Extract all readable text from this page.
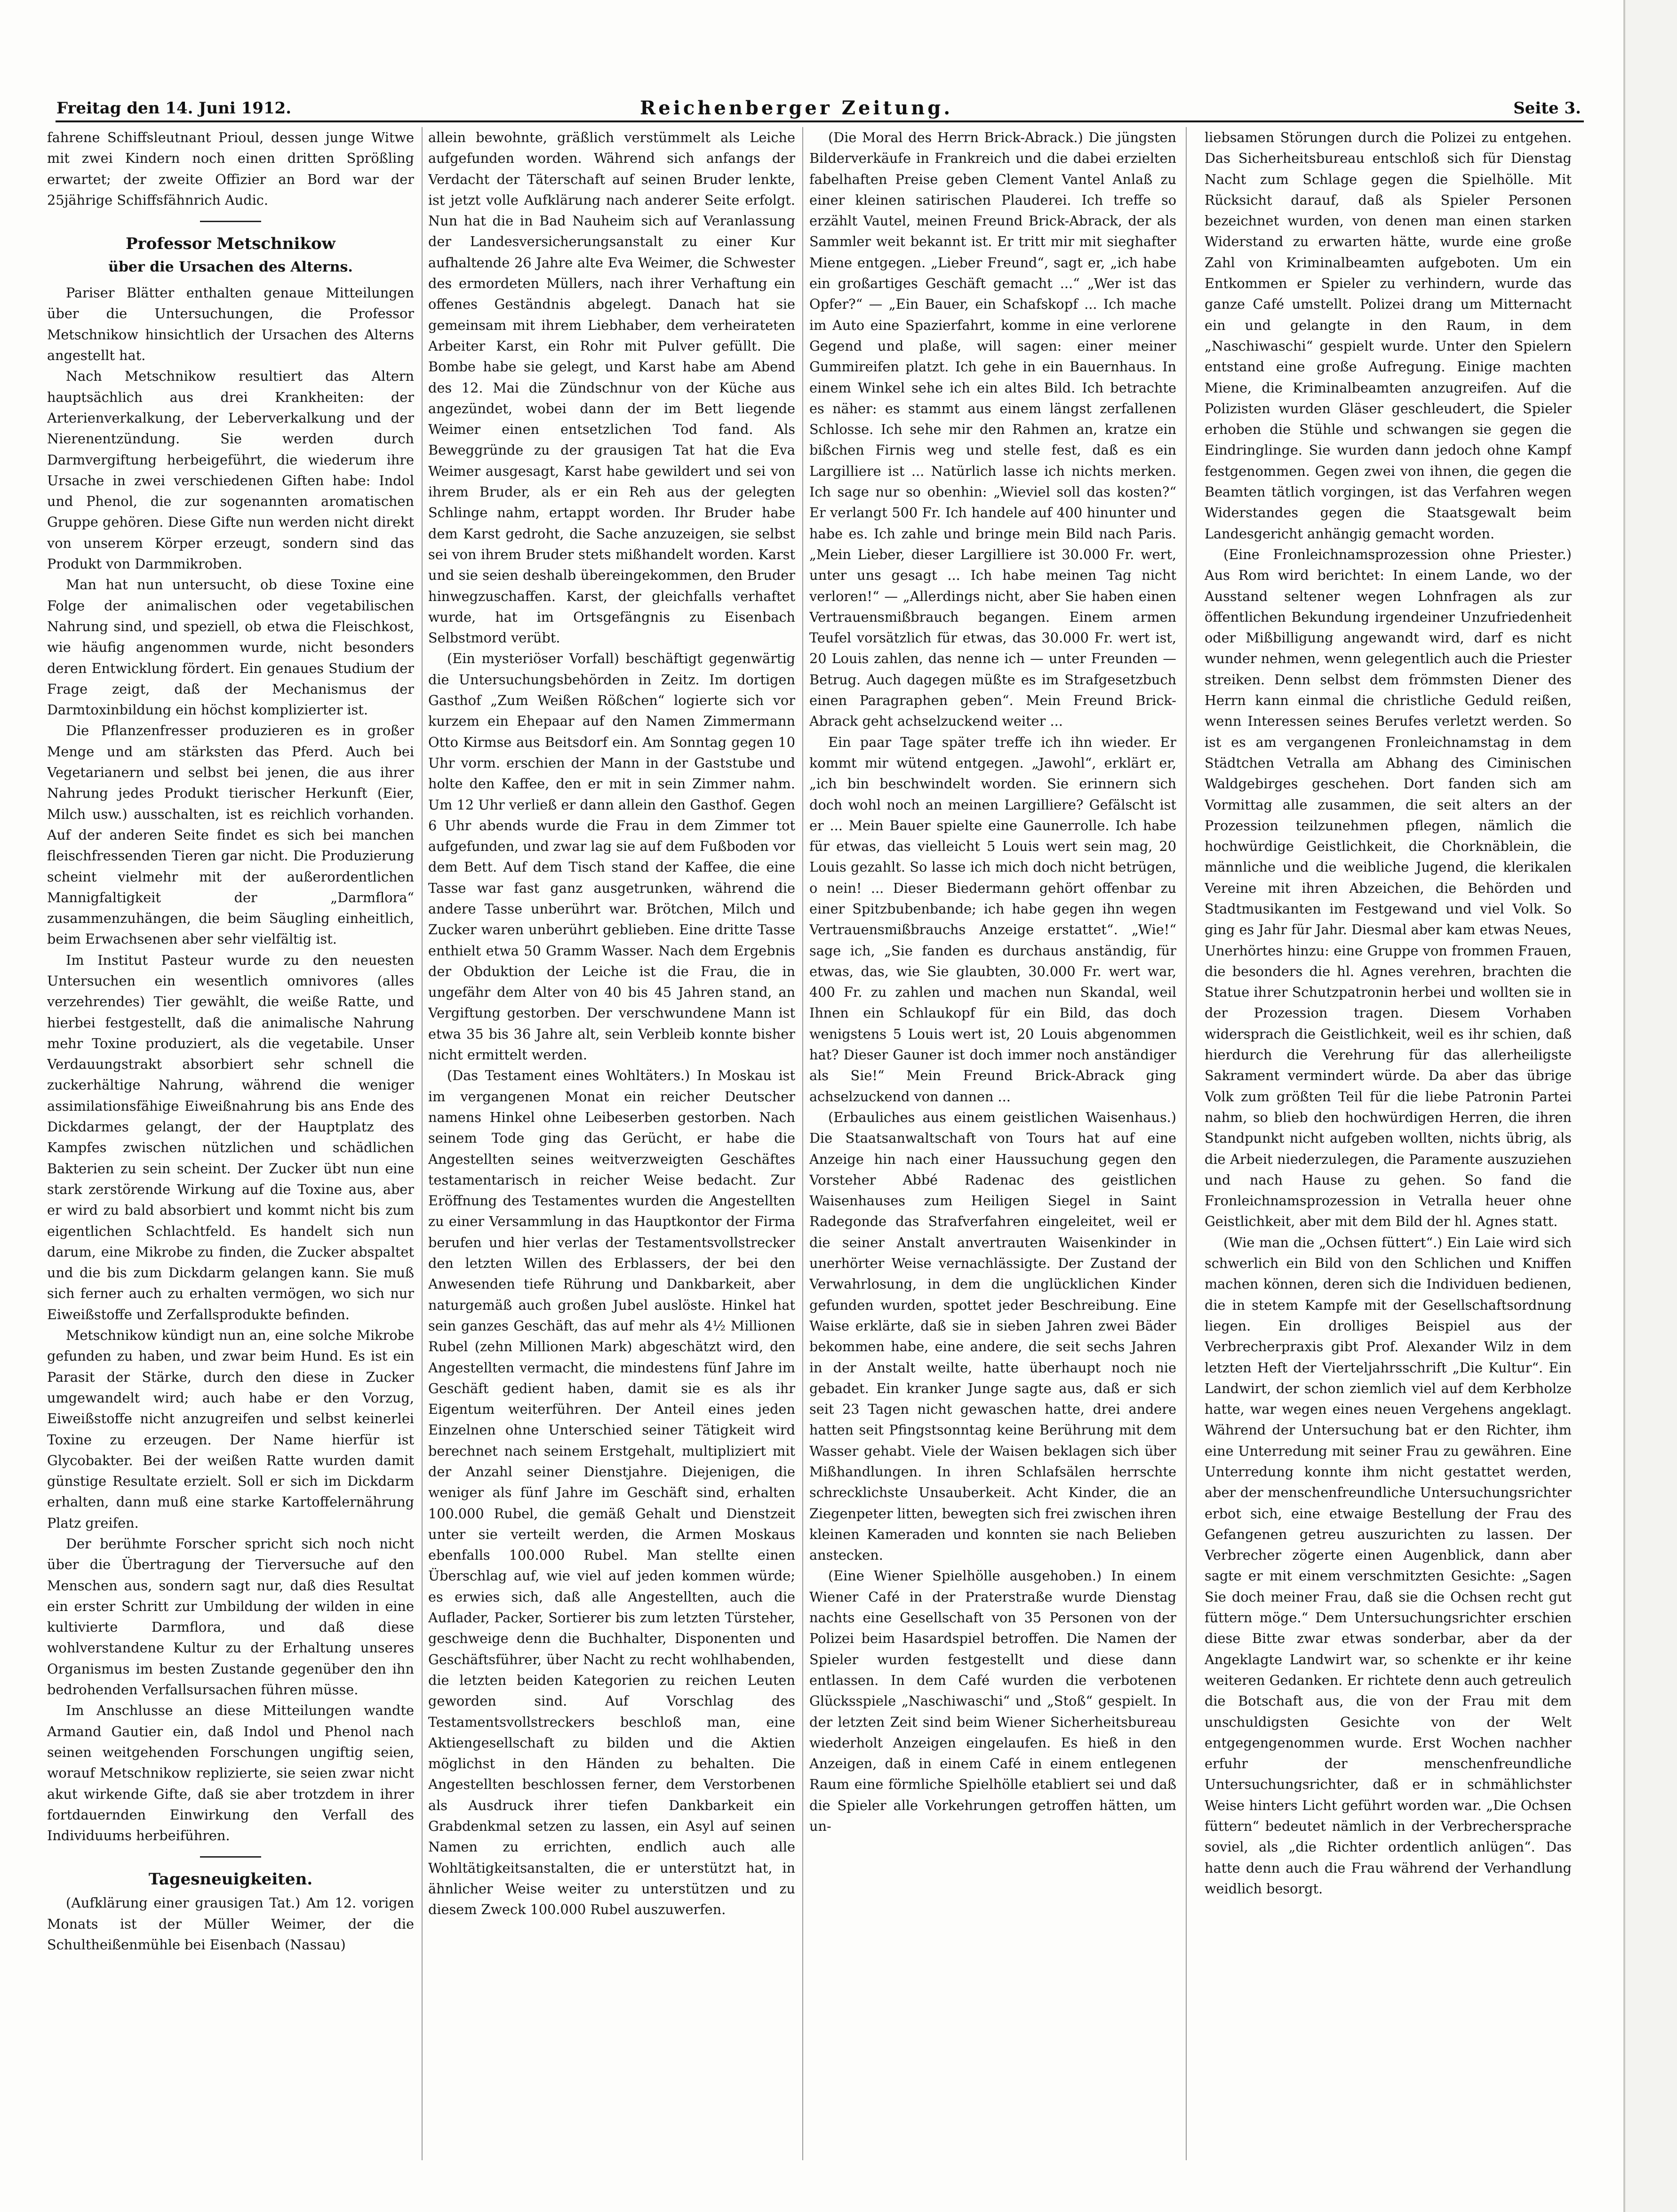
Freitag den 14. Juni 1912.	Reichenberger Zeitung.	Seite 3.

fahrene Schiffsleutnant Prioul, dessen junge Witwe mit zwei Kindern noch einen dritten Sprößling erwartet; der zweite Offizier an Bord war der 25jährige Schiffsfähnrich Audic.

Professor Metschnikow
über die Ursachen des Alterns.

Pariser Blätter enthalten genaue Mitteilungen über die Untersuchungen, die Professor Metschnikow hinsichtlich der Ursachen des Alterns angestellt hat.

Nach Metschnikow resultiert das Altern hauptsächlich aus drei Krankheiten: der Arterienverkalkung, der Leberverkalkung und der Nierenentzündung. Sie werden durch Darmvergiftung herbeigeführt, die wiederum ihre Ursache in zwei verschiedenen Giften habe: Indol und Phenol, die zur sogenannten aromatischen Gruppe gehören. Diese Gifte nun werden nicht direkt von unserem Körper erzeugt, sondern sind das Produkt von Darmmikroben.

Man hat nun untersucht, ob diese Toxine eine Folge der animalischen oder vegetabilischen Nahrung sind, und speziell, ob etwa die Fleischkost, wie häufig angenommen wurde, nicht besonders deren Entwicklung fördert. Ein genaues Studium der Frage zeigt, daß der Mechanismus der Darmtoxinbildung ein höchst komplizierter ist.

Die Pflanzenfresser produzieren es in großer Menge und am stärksten das Pferd. Auch bei Vegetarianern und selbst bei jenen, die aus ihrer Nahrung jedes Produkt tierischer Herkunft (Eier, Milch usw.) ausschalten, ist es reichlich vorhanden. Auf der anderen Seite findet es sich bei manchen fleischfressenden Tieren gar nicht. Die Produzierung scheint vielmehr mit der außerordentlichen Mannigfaltigkeit der „Darmflora“ zusammenzuhängen, die beim Säugling einheitlich, beim Erwachsenen aber sehr vielfältig ist.

Im Institut Pasteur wurde zu den neuesten Untersuchen ein wesentlich omnivores (alles verzehrendes) Tier gewählt, die weiße Ratte, und hierbei festgestellt, daß die animalische Nahrung mehr Toxine produziert, als die vegetabile. Unser Verdauungstrakt absorbiert sehr schnell die zuckerhältige Nahrung, während die weniger assimilationsfähige Eiweißnahrung bis ans Ende des Dickdarmes gelangt, der der Hauptplatz des Kampfes zwischen nützlichen und schädlichen Bakterien zu sein scheint. Der Zucker übt nun eine stark zerstörende Wirkung auf die Toxine aus, aber er wird zu bald absorbiert und kommt nicht bis zum eigentlichen Schlachtfeld. Es handelt sich nun darum, eine Mikrobe zu finden, die Zucker abspaltet und die bis zum Dickdarm gelangen kann. Sie muß sich ferner auch zu erhalten vermögen, wo sich nur Eiweißstoffe und Zerfallsprodukte befinden.

Metschnikow kündigt nun an, eine solche Mikrobe gefunden zu haben, und zwar beim Hund. Es ist ein Parasit der Stärke, durch den diese in Zucker umgewandelt wird; auch habe er den Vorzug, Eiweißstoffe nicht anzugreifen und selbst keinerlei Toxine zu erzeugen. Der Name hierfür ist Glycobakter. Bei der weißen Ratte wurden damit günstige Resultate erzielt. Soll er sich im Dickdarm erhalten, dann muß eine starke Kartoffelernährung Platz greifen.

Der berühmte Forscher spricht sich noch nicht über die Übertragung der Tierversuche auf den Menschen aus, sondern sagt nur, daß dies Resultat ein erster Schritt zur Umbildung der wilden in eine kultivierte Darmflora, und daß diese wohlverstandene Kultur zu der Erhaltung unseres Organismus im besten Zustande gegenüber den ihn bedrohenden Verfallsursachen führen müsse.

Im Anschlusse an diese Mitteilungen wandte Armand Gautier ein, daß Indol und Phenol nach seinen weitgehenden Forschungen ungiftig seien, worauf Metschnikow replizierte, sie seien zwar nicht akut wirkende Gifte, daß sie aber trotzdem in ihrer fortdauernden Einwirkung den Verfall des Individuums herbeiführen.

Tagesneuigkeiten.

(Aufklärung einer grausigen Tat.) Am 12. vorigen Monats ist der Müller Weimer, der die Schultheißenmühle bei Eisenbach (Nassau)

allein bewohnte, gräßlich verstümmelt als Leiche aufgefunden worden. Während sich anfangs der Verdacht der Täterschaft auf seinen Bruder lenkte, ist jetzt volle Aufklärung nach anderer Seite erfolgt. Nun hat die in Bad Nauheim sich auf Veranlassung der Landesversicherungsanstalt zu einer Kur aufhaltende 26 Jahre alte Eva Weimer, die Schwester des ermordeten Müllers, nach ihrer Verhaftung ein offenes Geständnis abgelegt. Danach hat sie gemeinsam mit ihrem Liebhaber, dem verheirateten Arbeiter Karst, ein Rohr mit Pulver gefüllt. Die Bombe habe sie gelegt, und Karst habe am Abend des 12. Mai die Zündschnur von der Küche aus angezündet, wobei dann der im Bett liegende Weimer einen entsetzlichen Tod fand. Als Beweggründe zu der grausigen Tat hat die Eva Weimer ausgesagt, Karst habe gewildert und sei von ihrem Bruder, als er ein Reh aus der gelegten Schlinge nahm, ertappt worden. Ihr Bruder habe dem Karst gedroht, die Sache anzuzeigen, sie selbst sei von ihrem Bruder stets mißhandelt worden. Karst und sie seien deshalb übereingekommen, den Bruder hinwegzuschaffen. Karst, der gleichfalls verhaftet wurde, hat im Ortsgefängnis zu Eisenbach Selbstmord verübt.

(Ein mysteriöser Vorfall) beschäftigt gegenwärtig die Untersuchungsbehörden in Zeitz. Im dortigen Gasthof „Zum Weißen Rößchen“ logierte sich vor kurzem ein Ehepaar auf den Namen Zimmermann Otto Kirmse aus Beitsdorf ein. Am Sonntag gegen 10 Uhr vorm. erschien der Mann in der Gaststube und holte den Kaffee, den er mit in sein Zimmer nahm. Um 12 Uhr verließ er dann allein den Gasthof. Gegen 6 Uhr abends wurde die Frau in dem Zimmer tot aufgefunden, und zwar lag sie auf dem Fußboden vor dem Bett. Auf dem Tisch stand der Kaffee, die eine Tasse war fast ganz ausgetrunken, während die andere Tasse unberührt war. Brötchen, Milch und Zucker waren unberührt geblieben. Eine dritte Tasse enthielt etwa 50 Gramm Wasser. Nach dem Ergebnis der Obduktion der Leiche ist die Frau, die in ungefähr dem Alter von 40 bis 45 Jahren stand, an Vergiftung gestorben. Der verschwundene Mann ist etwa 35 bis 36 Jahre alt, sein Verbleib konnte bisher nicht ermittelt werden.

(Das Testament eines Wohltäters.) In Moskau ist im vergangenen Monat ein reicher Deutscher namens Hinkel ohne Leibeserben gestorben. Nach seinem Tode ging das Gerücht, er habe die Angestellten seines weitverzweigten Geschäftes testamentarisch in reicher Weise bedacht. Zur Eröffnung des Testamentes wurden die Angestellten zu einer Versammlung in das Hauptkontor der Firma berufen und hier verlas der Testamentsvollstrecker den letzten Willen des Erblassers, der bei den Anwesenden tiefe Rührung und Dankbarkeit, aber naturgemäß auch großen Jubel auslöste. Hinkel hat sein ganzes Geschäft, das auf mehr als 4½ Millionen Rubel (zehn Millionen Mark) abgeschätzt wird, den Angestellten vermacht, die mindestens fünf Jahre im Geschäft gedient haben, damit sie es als ihr Eigentum weiterführen. Der Anteil eines jeden Einzelnen ohne Unterschied seiner Tätigkeit wird berechnet nach seinem Erstgehalt, multipliziert mit der Anzahl seiner Dienstjahre. Diejenigen, die weniger als fünf Jahre im Geschäft sind, erhalten 100.000 Rubel, die gemäß Gehalt und Dienstzeit unter sie verteilt werden, die Armen Moskaus ebenfalls 100.000 Rubel. Man stellte einen Überschlag auf, wie viel auf jeden kommen würde; es erwies sich, daß alle Angestellten, auch die Auflader, Packer, Sortierer bis zum letzten Türsteher, geschweige denn die Buchhalter, Disponenten und Geschäftsführer, über Nacht zu recht wohlhabenden, die letzten beiden Kategorien zu reichen Leuten geworden sind. Auf Vorschlag des Testamentsvollstreckers beschloß man, eine Aktiengesellschaft zu bilden und die Aktien möglichst in den Händen zu behalten. Die Angestellten beschlossen ferner, dem Verstorbenen als Ausdruck ihrer tiefen Dankbarkeit ein Grabdenkmal setzen zu lassen, ein Asyl auf seinen Namen zu errichten, endlich auch alle Wohltätigkeitsanstalten, die er unterstützt hat, in ähnlicher Weise weiter zu unterstützen und zu diesem Zweck 100.000 Rubel auszuwerfen.

(Die Moral des Herrn Brick-Abrack.) Die jüngsten Bilderverkäufe in Frankreich und die dabei erzielten fabelhaften Preise geben Clement Vantel Anlaß zu einer kleinen satirischen Plauderei. Ich treffe so erzählt Vautel, meinen Freund Brick-Abrack, der als Sammler weit bekannt ist. Er tritt mir mit sieghafter Miene entgegen. „Lieber Freund“, sagt er, „ich habe ein großartiges Geschäft gemacht ...“ „Wer ist das Opfer?“ — „Ein Bauer, ein Schafskopf ... Ich mache im Auto eine Spazierfahrt, komme in eine verlorene Gegend und plaße, will sagen: einer meiner Gummireifen platzt. Ich gehe in ein Bauernhaus. In einem Winkel sehe ich ein altes Bild. Ich betrachte es näher: es stammt aus einem längst zerfallenen Schlosse. Ich sehe mir den Rahmen an, kratze ein bißchen Firnis weg und stelle fest, daß es ein Largilliere ist ... Natürlich lasse ich nichts merken. Ich sage nur so obenhin: „Wieviel soll das kosten?“ Er verlangt 500 Fr. Ich handele auf 400 hinunter und habe es. Ich zahle und bringe mein Bild nach Paris. „Mein Lieber, dieser Largilliere ist 30.000 Fr. wert, unter uns gesagt ... Ich habe meinen Tag nicht verloren!“ — „Allerdings nicht, aber Sie haben einen Vertrauensmißbrauch begangen. Einem armen Teufel vorsätzlich für etwas, das 30.000 Fr. wert ist, 20 Louis zahlen, das nenne ich — unter Freunden — Betrug. Auch dagegen müßte es im Strafgesetzbuch einen Paragraphen geben“. Mein Freund Brick-Abrack geht achselzuckend weiter ...

Ein paar Tage später treffe ich ihn wieder. Er kommt mir wütend entgegen. „Jawohl“, erklärt er, „ich bin beschwindelt worden. Sie erinnern sich doch wohl noch an meinen Largilliere? Gefälscht ist er ... Mein Bauer spielte eine Gaunerrolle. Ich habe für etwas, das vielleicht 5 Louis wert sein mag, 20 Louis gezahlt. So lasse ich mich doch nicht betrügen, o nein! ... Dieser Biedermann gehört offenbar zu einer Spitzbubenbande; ich habe gegen ihn wegen Vertrauensmißbrauchs Anzeige erstattet“. „Wie!“ sage ich, „Sie fanden es durchaus anständig, für etwas, das, wie Sie glaubten, 30.000 Fr. wert war, 400 Fr. zu zahlen und machen nun Skandal, weil Ihnen ein Schlaukopf für ein Bild, das doch wenigstens 5 Louis wert ist, 20 Louis abgenommen hat? Dieser Gauner ist doch immer noch anständiger als Sie!“ Mein Freund Brick-Abrack ging achselzuckend von dannen ...

(Erbauliches aus einem geistlichen Waisenhaus.) Die Staatsanwaltschaft von Tours hat auf eine Anzeige hin nach einer Haussuchung gegen den Vorsteher Abbé Radenac des geistlichen Waisenhauses zum Heiligen Siegel in Saint Radegonde das Strafverfahren eingeleitet, weil er die seiner Anstalt anvertrauten Waisenkinder in unerhörter Weise vernachlässigte. Der Zustand der Verwahrlosung, in dem die unglücklichen Kinder gefunden wurden, spottet jeder Beschreibung. Eine Waise erklärte, daß sie in sieben Jahren zwei Bäder bekommen habe, eine andere, die seit sechs Jahren in der Anstalt weilte, hatte überhaupt noch nie gebadet. Ein kranker Junge sagte aus, daß er sich seit 23 Tagen nicht gewaschen hatte, drei andere hatten seit Pfingstsonntag keine Berührung mit dem Wasser gehabt. Viele der Waisen beklagen sich über Mißhandlungen. In ihren Schlafsälen herrschte schrecklichste Unsauberkeit. Acht Kinder, die an Ziegenpeter litten, bewegten sich frei zwischen ihren kleinen Kameraden und konnten sie nach Belieben anstecken.

(Eine Wiener Spielhölle ausgehoben.) In einem Wiener Café in der Praterstraße wurde Dienstag nachts eine Gesellschaft von 35 Personen von der Polizei beim Hasardspiel betroffen. Die Namen der Spieler wurden festgestellt und diese dann entlassen. In dem Café wurden die verbotenen Glücksspiele „Naschiwaschi“ und „Stoß“ gespielt. In der letzten Zeit sind beim Wiener Sicherheitsbureau wiederholt Anzeigen eingelaufen. Es hieß in den Anzeigen, daß in einem Café in einem entlegenen Raum eine förmliche Spielhölle etabliert sei und daß die Spieler alle Vorkehrungen getroffen hätten, um un-

liebsamen Störungen durch die Polizei zu entgehen. Das Sicherheitsbureau entschloß sich für Dienstag Nacht zum Schlage gegen die Spielhölle. Mit Rücksicht darauf, daß als Spieler Personen bezeichnet wurden, von denen man einen starken Widerstand zu erwarten hätte, wurde eine große Zahl von Kriminalbeamten aufgeboten. Um ein Entkommen er Spieler zu verhindern, wurde das ganze Café umstellt. Polizei drang um Mitternacht ein und gelangte in den Raum, in dem „Naschiwaschi“ gespielt wurde. Unter den Spielern entstand eine große Aufregung. Einige machten Miene, die Kriminalbeamten anzugreifen. Auf die Polizisten wurden Gläser geschleudert, die Spieler erhoben die Stühle und schwangen sie gegen die Eindringlinge. Sie wurden dann jedoch ohne Kampf festgenommen. Gegen zwei von ihnen, die gegen die Beamten tätlich vorgingen, ist das Verfahren wegen Widerstandes gegen die Staatsgewalt beim Landesgericht anhängig gemacht worden.

(Eine Fronleichnamsprozession ohne Priester.) Aus Rom wird berichtet: In einem Lande, wo der Ausstand seltener wegen Lohnfragen als zur öffentlichen Bekundung irgendeiner Unzufriedenheit oder Mißbilligung angewandt wird, darf es nicht wunder nehmen, wenn gelegentlich auch die Priester streiken. Denn selbst dem frömmsten Diener des Herrn kann einmal die christliche Geduld reißen, wenn Interessen seines Berufes verletzt werden. So ist es am vergangenen Fronleichnamstag in dem Städtchen Vetralla am Abhang des Ciminischen Waldgebirges geschehen. Dort fanden sich am Vormittag alle zusammen, die seit alters an der Prozession teilzunehmen pflegen, nämlich die hochwürdige Geistlichkeit, die Chorknäblein, die männliche und die weibliche Jugend, die klerikalen Vereine mit ihren Abzeichen, die Behörden und Stadtmusikanten im Festgewand und viel Volk. So ging es Jahr für Jahr. Diesmal aber kam etwas Neues, Unerhörtes hinzu: eine Gruppe von frommen Frauen, die besonders die hl. Agnes verehren, brachten die Statue ihrer Schutzpatronin herbei und wollten sie in der Prozession tragen. Diesem Vorhaben widersprach die Geistlichkeit, weil es ihr schien, daß hierdurch die Verehrung für das allerheiligste Sakrament vermindert würde. Da aber das übrige Volk zum größten Teil für die liebe Patronin Partei nahm, so blieb den hochwürdigen Herren, die ihren Standpunkt nicht aufgeben wollten, nichts übrig, als die Arbeit niederzulegen, die Paramente auszuziehen und nach Hause zu gehen. So fand die Fronleichnamsprozession in Vetralla heuer ohne Geistlichkeit, aber mit dem Bild der hl. Agnes statt.

(Wie man die „Ochsen füttert“.) Ein Laie wird sich schwerlich ein Bild von den Schlichen und Kniffen machen können, deren sich die Individuen bedienen, die in stetem Kampfe mit der Gesellschaftsordnung liegen. Ein drolliges Beispiel aus der Verbrecherpraxis gibt Prof. Alexander Wilz in dem letzten Heft der Vierteljahrsschrift „Die Kultur“. Ein Landwirt, der schon ziemlich viel auf dem Kerbholze hatte, war wegen eines neuen Vergehens angeklagt. Während der Untersuchung bat er den Richter, ihm eine Unterredung mit seiner Frau zu gewähren. Eine Unterredung konnte ihm nicht gestattet werden, aber der menschenfreundliche Untersuchungsrichter erbot sich, eine etwaige Bestellung der Frau des Gefangenen getreu auszurichten zu lassen. Der Verbrecher zögerte einen Augenblick, dann aber sagte er mit einem verschmitzten Gesichte: „Sagen Sie doch meiner Frau, daß sie die Ochsen recht gut füttern möge.“ Dem Untersuchungsrichter erschien diese Bitte zwar etwas sonderbar, aber da der Angeklagte Landwirt war, so schenkte er ihr keine weiteren Gedanken. Er richtete denn auch getreulich die Botschaft aus, die von der Frau mit dem unschuldigsten Gesichte von der Welt entgegengenommen wurde. Erst Wochen nachher erfuhr der menschenfreundliche Untersuchungsrichter, daß er in schmählichster Weise hinters Licht geführt worden war. „Die Ochsen füttern“ bedeutet nämlich in der Verbrechersprache soviel, als „die Richter ordentlich anlügen“. Das hatte denn auch die Frau während der Verhandlung weidlich besorgt.
